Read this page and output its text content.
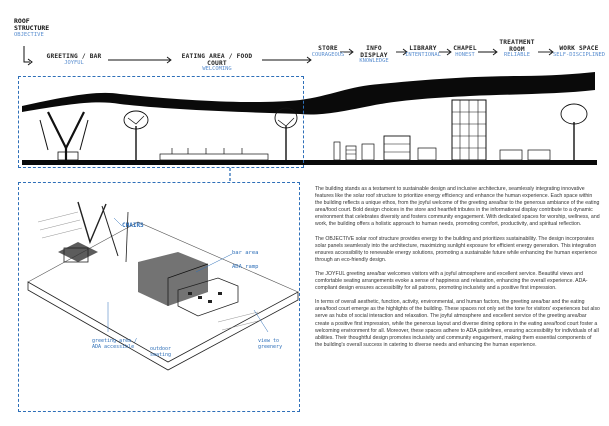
ROOF STRUCTURE
OBJECTIVE
GREETING / BAR
JOYFUL
EATING AREA / FOOD COURT
WELCOMING
STORE
COURAGEOUS
INFO DISPLAY
KNOWLEDGE
LIBRARY
INTENTIONAL
CHAPEL
HONEST
TREATMENT ROOM
RELIABLE
WORK SPACE
SELF-DISCIPLINED
CHAIRS
bar area
ADA ramp
greeting area / ADA accessible	outdoor seating
view to greenery

The building stands as a testament to sustainable design and inclusive architecture, seamlessly integrating innovative features like the solar roof structure to prioritize energy efficiency and enhance the human experience. Each space within the building reflects a unique ethos, from the joyful welcome of the greeting area/bar to the generous ambiance of the eating area/food court. Bold design choices in the store and heartfelt tributes in the informational display contribute to a dynamic environment that celebrates diversity and fosters community engagement. With dedicated spaces for worship, wellness, and work, the building offers a holistic approach to human needs, promoting comfort, productivity, and spiritual reflection.

The OBJECTIVE solar roof structure provides energy to the building and prioritizes sustainability. The design incorporates solar panels seamlessly into the architecture, maximizing sunlight exposure for efficient energy generation. This integration ensures accessibility to renewable energy solutions, promoting a sustainable future while enhancing the human experience through an eco-friendly design.

The JOYFUL greeting area/bar welcomes visitors with a joyful atmosphere and excellent service. Beautiful views and comfortable seating arrangements evoke a sense of happiness and relaxation, enhancing the overall experience. ADA-compliant design ensures accessibility for all patrons, promoting inclusivity and a positive first impression.

In terms of overall aesthetic, function, activity, environmental, and human factors, the greeting area/bar and the eating area/food court emerge as the highlights of the building. These spaces not only set the tone for visitors' experiences but also serve as hubs of social interaction and relaxation. The joyful atmosphere and excellent service of the greeting area/bar create a positive first impression, while the generous layout and diverse dining options in the eating area/food court foster a welcoming environment for all. Moreover, these spaces adhere to ADA guidelines, ensuring accessibility for individuals of all abilities. Their thoughtful design promotes inclusivity and community engagement, making them essential components of the building's overall success in catering to diverse needs and enhancing the human experience.
